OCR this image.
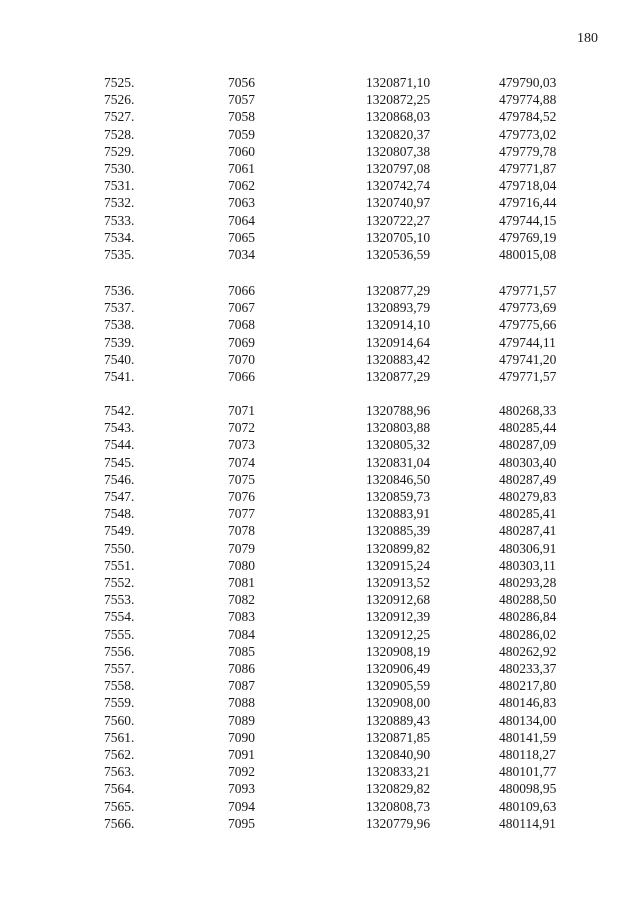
180
7525.	7056	1320871,10	479790,03
7526.	7057	1320872,25	479774,88
7527.	7058	1320868,03	479784,52
7528.	7059	1320820,37	479773,02
7529.	7060	1320807,38	479779,78
7530.	7061	1320797,08	479771,87
7531.	7062	1320742,74	479718,04
7532.	7063	1320740,97	479716,44
7533.	7064	1320722,27	479744,15
7534.	7065	1320705,10	479769,19
7535.	7034	1320536,59	480015,08
7536.	7066	1320877,29	479771,57
7537.	7067	1320893,79	479773,69
7538.	7068	1320914,10	479775,66
7539.	7069	1320914,64	479744,11
7540.	7070	1320883,42	479741,20
7541.	7066	1320877,29	479771,57
7542.	7071	1320788,96	480268,33
7543.	7072	1320803,88	480285,44
7544.	7073	1320805,32	480287,09
7545.	7074	1320831,04	480303,40
7546.	7075	1320846,50	480287,49
7547.	7076	1320859,73	480279,83
7548.	7077	1320883,91	480285,41
7549.	7078	1320885,39	480287,41
7550.	7079	1320899,82	480306,91
7551.	7080	1320915,24	480303,11
7552.	7081	1320913,52	480293,28
7553.	7082	1320912,68	480288,50
7554.	7083	1320912,39	480286,84
7555.	7084	1320912,25	480286,02
7556.	7085	1320908,19	480262,92
7557.	7086	1320906,49	480233,37
7558.	7087	1320905,59	480217,80
7559.	7088	1320908,00	480146,83
7560.	7089	1320889,43	480134,00
7561.	7090	1320871,85	480141,59
7562.	7091	1320840,90	480118,27
7563.	7092	1320833,21	480101,77
7564.	7093	1320829,82	480098,95
7565.	7094	1320808,73	480109,63
7566.	7095	1320779,96	480114,91
